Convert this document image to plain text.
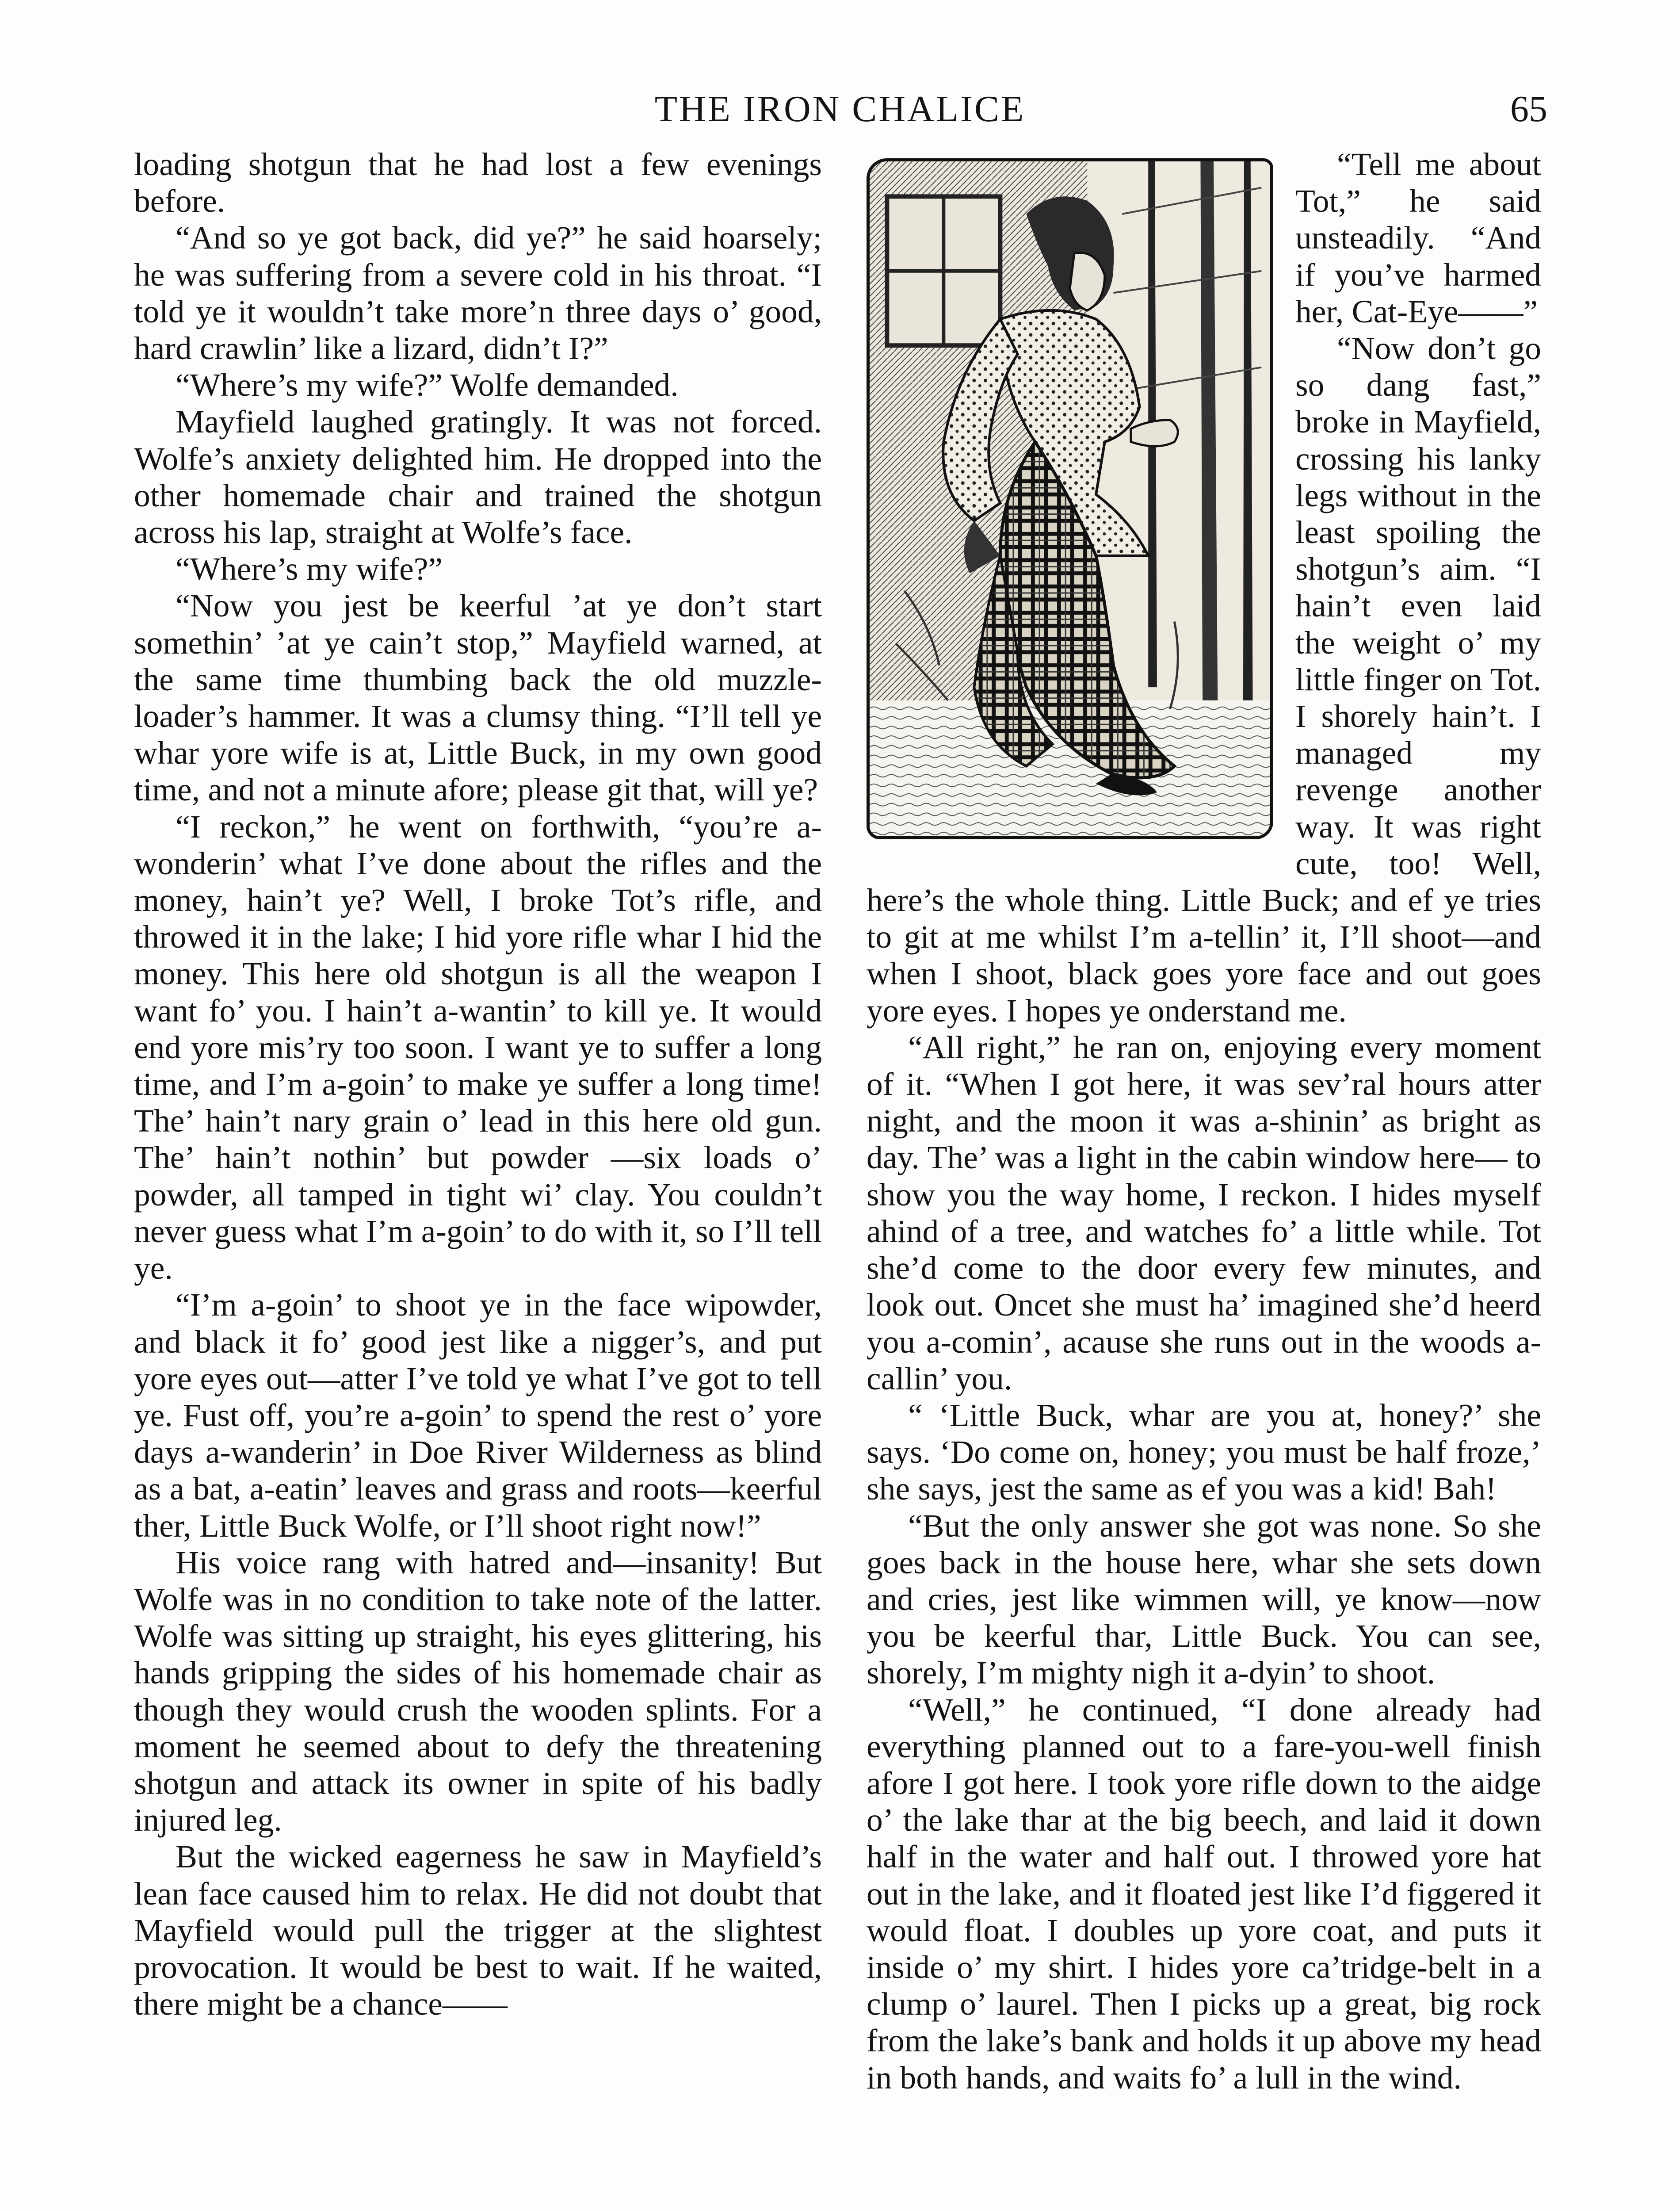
THE IRON CHALICE	65

loading shotgun that he had lost a few evenings before.

“And so ye got back, did ye?” he said hoarsely; he was suffering from a severe cold in his throat. “I told ye it wouldn’t take more’n three days o’ good, hard crawlin’ like a lizard, didn’t I?”

“Where’s my wife?” Wolfe demanded.

Mayfield laughed gratingly. It was not forced. Wolfe’s anxiety delighted him. He dropped into the other homemade chair and trained the shotgun across his lap, straight at Wolfe’s face.

“Where’s my wife?”

“Now you jest be keerful ’at ye don’t start somethin’ ’at ye cain’t stop,” Mayfield warned, at the same time thumbing back the old muzzle-loader’s hammer. It was a clumsy thing. “I’ll tell ye whar yore wife is at, Little Buck, in my own good time, and not a minute afore; please git that, will ye?

“I reckon,” he went on forthwith, “you’re a-wonderin’ what I’ve done about the rifles and the money, hain’t ye? Well, I broke Tot’s rifle, and throwed it in the lake; I hid yore rifle whar I hid the money. This here old shotgun is all the weapon I want fo’ you. I hain’t a-wantin’ to kill ye. It would end yore mis’ry too soon. I want ye to suffer a long time, and I’m a-goin’ to make ye suffer a long time! The’ hain’t nary grain o’ lead in this here old gun. The’ hain’t nothin’ but powder —six loads o’ powder, all tamped in tight wi’ clay. You couldn’t never guess what I’m a-goin’ to do with it, so I’ll tell ye.

“I’m a-goin’ to shoot ye in the face wipowder, and black it fo’ good jest like a nigger’s, and put yore eyes out—atter I’ve told ye what I’ve got to tell ye. Fust off, you’re a-goin’ to spend the rest o’ yore days a-wanderin’ in Doe River Wilderness as blind as a bat, a-eatin’ leaves and grass and roots—keerful ther, Little Buck Wolfe, or I’ll shoot right now!”

His voice rang with hatred and—insanity! But Wolfe was in no condition to take note of the latter. Wolfe was sitting up straight, his eyes glittering, his hands gripping the sides of his homemade chair as though they would crush the wooden splints. For a moment he seemed about to defy the threatening shotgun and attack its owner in spite of his badly injured leg.

But the wicked eagerness he saw in Mayfield’s lean face caused him to relax. He did not doubt that Mayfield would pull the trigger at the slightest provocation. It would be best to wait. If he waited, there might be a chance——

“Tell me about Tot,” he said unsteadily. “And if you’ve harmed her, Cat-Eye——”

“Now don’t go so dang fast,” broke in Mayfield, crossing his lanky legs without in the least spoiling the shotgun’s aim. “I hain’t even laid the weight o’ my little finger on Tot. I shorely hain’t. I managed my revenge another way. It was right cute, too! Well, here’s the whole thing. Little Buck; and ef ye tries to git at me whilst I’m a-tellin’ it, I’ll shoot—and when I shoot, black goes yore face and out goes yore eyes. I hopes ye onderstand me.

“All right,” he ran on, enjoying every moment of it. “When I got here, it was sev’ral hours atter night, and the moon it was a-shinin’ as bright as day. The’ was a light in the cabin window here— to show you the way home, I reckon. I hides myself ahind of a tree, and watches fo’ a little while. Tot she’d come to the door every few minutes, and look out. Oncet she must ha’ imagined she’d heerd you a-comin’, acause she runs out in the woods a-callin’ you.

“ ‘Little Buck, whar are you at, honey?’ she says. ‘Do come on, honey; you must be half froze,’ she says, jest the same as ef you was a kid! Bah!

“But the only answer she got was none. So she goes back in the house here, whar she sets down and cries, jest like wimmen will, ye know—now you be keerful thar, Little Buck. You can see, shorely, I’m mighty nigh it a-dyin’ to shoot.

“Well,” he continued, “I done already had everything planned out to a fare-you-well finish afore I got here. I took yore rifle down to the aidge o’ the lake thar at the big beech, and laid it down half in the water and half out. I throwed yore hat out in the lake, and it floated jest like I’d figgered it would float. I doubles up yore coat, and puts it inside o’ my shirt. I hides yore ca’tridge-belt in a clump o’ laurel. Then I picks up a great, big rock from the lake’s bank and holds it up above my head in both hands, and waits fo’ a lull in the wind.
